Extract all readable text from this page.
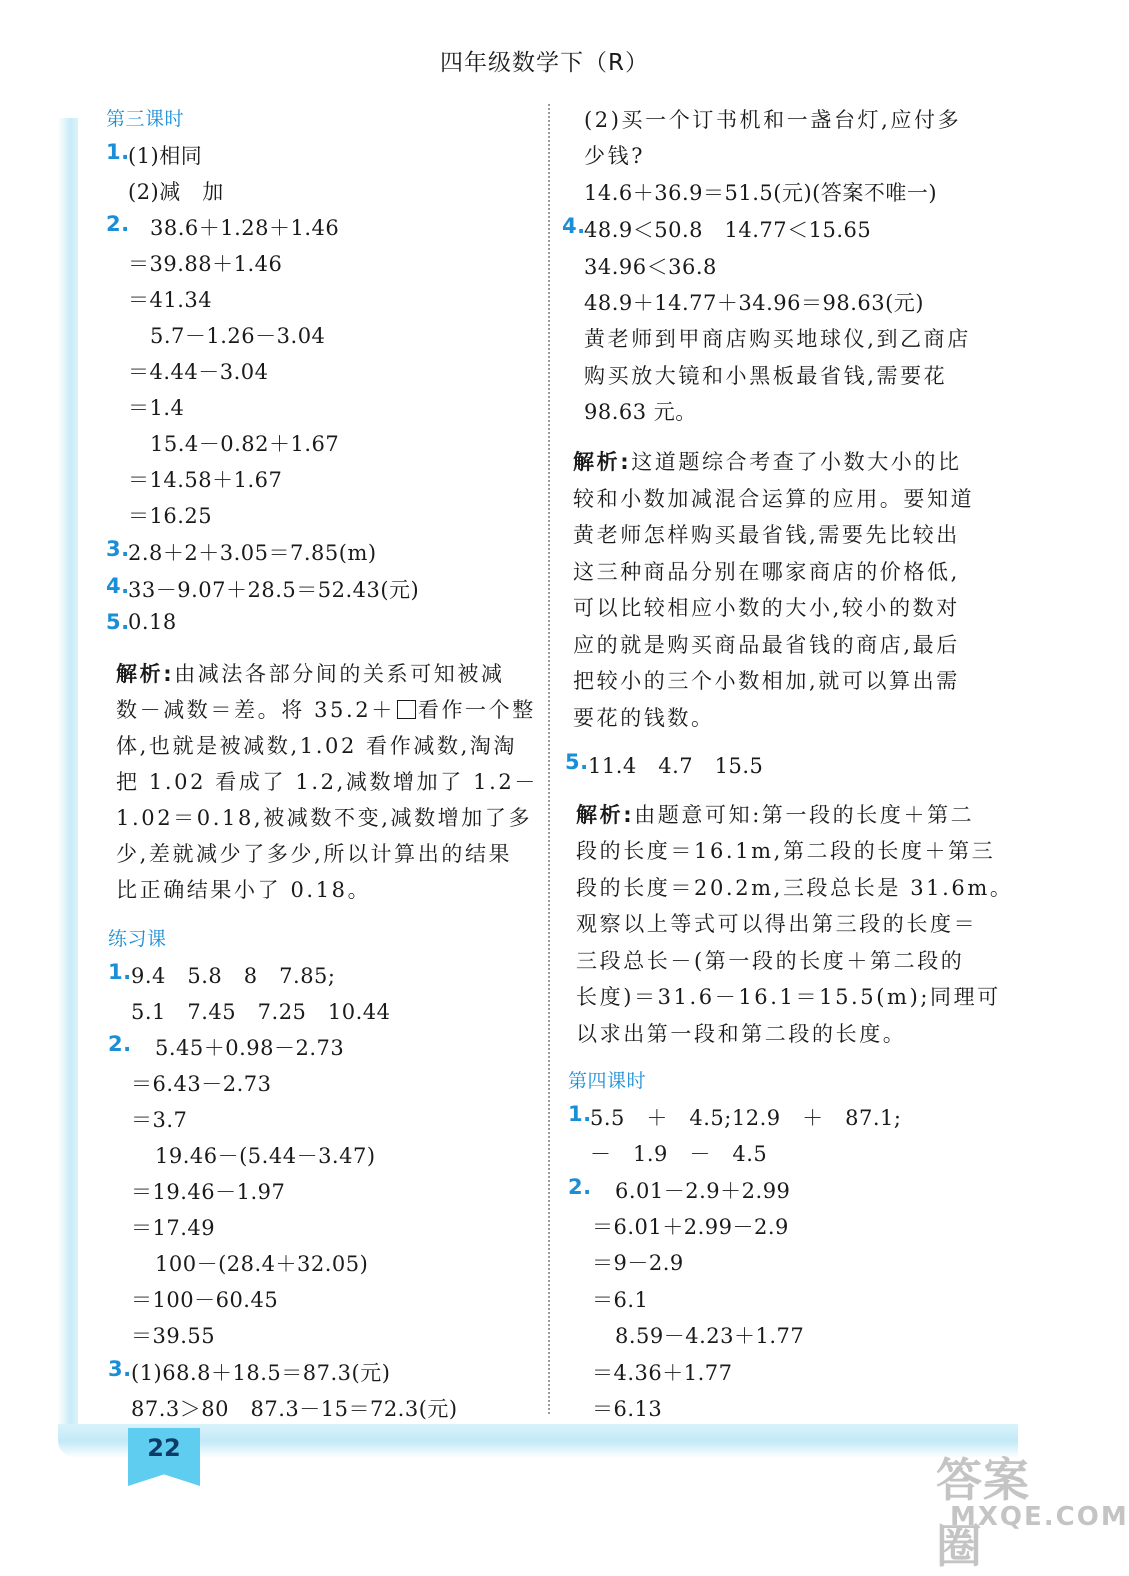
四年级数学下（R）
22
答案圈
MXQE.COM
第三课时
1.
(1)相同
(2)减　加
2. 38.6＋1.28＋1.46
＝39.88＋1.46
＝41.34
5.7－1.26－3.04
＝4.44－3.04
＝1.4
15.4－0.82＋1.67
＝14.58＋1.67
＝16.25
3.
2.8＋2＋3.05＝7.85(m)
4.
33－9.07＋28.5＝52.43(元)
5.
0.18
解析:由减法各部分间的关系可知被减
数－减数＝差。将 35.2＋ 看作一个整
体,也就是被减数,1.02 看作减数,淘淘
把 1.02 看成了 1.2,减数增加了 1.2－
1.02＝0.18,被减数不变,减数增加了多
少,差就减少了多少,所以计算出的结果
比正确结果小了 0.18。
练习课
1. 9.4　5.8　8　7.85;
5.1　7.45　7.25　10.44
2. 5.45＋0.98－2.73
＝6.43－2.73
＝3.7
19.46－(5.44－3.47)
＝19.46－1.97
＝17.49
100－(28.4＋32.05)
＝100－60.45
＝39.55
3. (1)68.8＋18.5＝87.3(元)
87.3＞80　87.3－15＝72.3(元)
(2)买一个订书机和一盏台灯,应付多
少钱?
14.6＋36.9＝51.5(元)(答案不唯一)
4.
48.9＜50.8　14.77＜15.65
34.96＜36.8
48.9＋14.77＋34.96＝98.63(元)
黄老师到甲商店购买地球仪,到乙商店
购买放大镜和小黑板最省钱,需要花
98.63 元。
解析:这道题综合考查了小数大小的比
较和小数加减混合运算的应用。要知道
黄老师怎样购买最省钱,需要先比较出
这三种商品分别在哪家商店的价格低,
可以比较相应小数的大小,较小的数对
应的就是购买商品最省钱的商店,最后
把较小的三个小数相加,就可以算出需
要花的钱数。
5. 11.4　4.7　15.5
解析:由题意可知:第一段的长度＋第二
段的长度＝16.1m,第二段的长度＋第三
段的长度＝20.2m,三段总长是 31.6m。
观察以上等式可以得出第三段的长度＝
三段总长－(第一段的长度＋第二段的
长度)＝31.6－16.1＝15.5(m);同理可
以求出第一段和第二段的长度。
第四课时
1.
5.5　＋　4.5;12.9　＋　87.1;
－　1.9　－　4.5
2. 6.01－2.9＋2.99
＝6.01＋2.99－2.9
＝9－2.9
＝6.1
8.59－4.23＋1.77
＝4.36＋1.77
＝6.13
